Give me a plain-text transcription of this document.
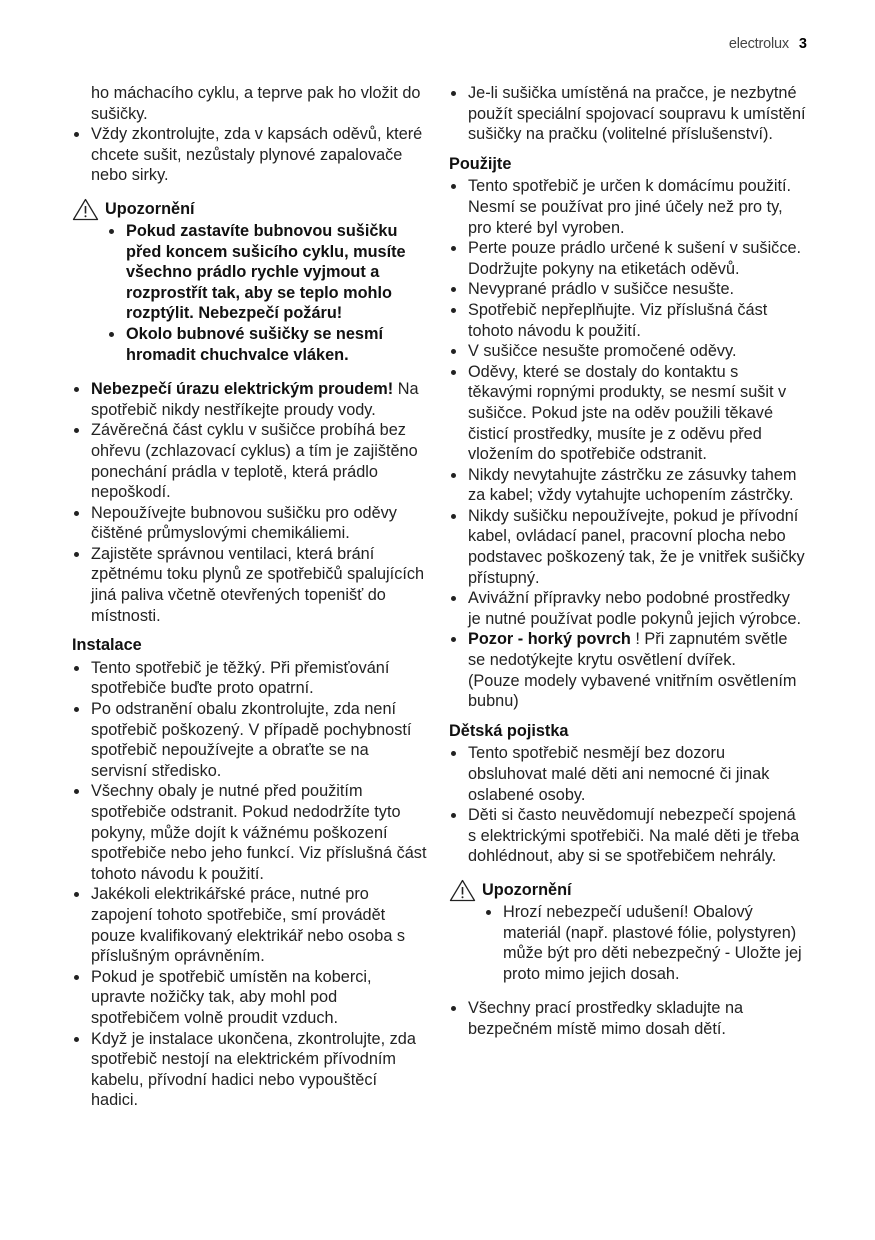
electrolux 3

ho máchacího cyklu, a teprve pak ho vložit do sušičky.

Vždy zkontrolujte, zda v kapsách oděvů, které chcete sušit, nezůstaly plynové zapalovače nebo sirky.
Upozornění
Pokud zastavíte bubnovou sušičku před koncem sušicího cyklu, musíte všechno prádlo rychle vyjmout a rozprostřít tak, aby se teplo mohlo rozptýlit. Nebezpečí požáru!
Okolo bubnové sušičky se nesmí hromadit chuchvalce vláken.
Nebezpečí úrazu elektrickým proudem! Na spotřebič nikdy nestříkejte proudy vody.
Závěrečná část cyklu v sušičce probíhá bez ohřevu (zchlazovací cyklus) a tím je zajištěno ponechání prádla v teplotě, která prádlo nepoškodí.
Nepoužívejte bubnovou sušičku pro oděvy čištěné průmyslovými chemikáliemi.
Zajistěte správnou ventilaci, která brání zpětnému toku plynů ze spotřebičů spalujících jiná paliva včetně otevřených topenišť do místnosti.
Instalace
Tento spotřebič je těžký. Při přemisťování spotřebiče buďte proto opatrní.
Po odstranění obalu zkontrolujte, zda není spotřebič poškozený. V případě pochybností spotřebič nepoužívejte a obraťte se na servisní středisko.
Všechny obaly je nutné před použitím spotřebiče odstranit. Pokud nedodržíte tyto pokyny, může dojít k vážnému poškození spotřebiče nebo jeho funkcí. Viz příslušná část tohoto návodu k použití.
Jakékoli elektrikářské práce, nutné pro zapojení tohoto spotřebiče, smí provádět pouze kvalifikovaný elektrikář nebo osoba s příslušným oprávněním.
Pokud je spotřebič umístěn na koberci, upravte nožičky tak, aby mohl pod spotřebičem volně proudit vzduch.
Když je instalace ukončena, zkontrolujte, zda spotřebič nestojí na elektrickém přívodním kabelu, přívodní hadici nebo vypouštěcí hadici.
Je-li sušička umístěná na pračce, je nezbytné použít speciální spojovací soupravu k umístění sušičky na pračku (volitelné příslušenství).
Použijte
Tento spotřebič je určen k domácímu použití. Nesmí se používat pro jiné účely než pro ty, pro které byl vyroben.
Perte pouze prádlo určené k sušení v sušičce. Dodržujte pokyny na etiketách oděvů.
Nevyprané prádlo v sušičce nesušte.
Spotřebič nepřeplňujte. Viz příslušná část tohoto návodu k použití.
V sušičce nesušte promočené oděvy.
Oděvy, které se dostaly do kontaktu s těkavými ropnými produkty, se nesmí sušit v sušičce. Pokud jste na oděv použili těkavé čisticí prostředky, musíte je z oděvu před vložením do spotřebiče odstranit.
Nikdy nevytahujte zástrčku ze zásuvky tahem za kabel; vždy vytahujte uchopením zástrčky.
Nikdy sušičku nepoužívejte, pokud je přívodní kabel, ovládací panel, pracovní plocha nebo podstavec poškozený tak, že je vnitřek sušičky přístupný.
Avivážní přípravky nebo podobné prostředky je nutné používat podle pokynů jejich výrobce.
Pozor - horký povrch ! Při zapnutém světle se nedotýkejte krytu osvětlení dvířek.
(Pouze modely vybavené vnitřním osvětlením bubnu)
Dětská pojistka
Tento spotřebič nesmějí bez dozoru obsluhovat malé děti ani nemocné či jinak oslabené osoby.
Děti si často neuvědomují nebezpečí spojená s elektrickými spotřebiči. Na malé děti je třeba dohlédnout, aby si se spotřebičem nehrály.
Upozornění
Hrozí nebezpečí udušení! Obalový materiál (např. plastové fólie, polystyren) může být pro děti nebezpečný - Uložte jej proto mimo jejich dosah.
Všechny prací prostředky skladujte na bezpečném místě mimo dosah dětí.
